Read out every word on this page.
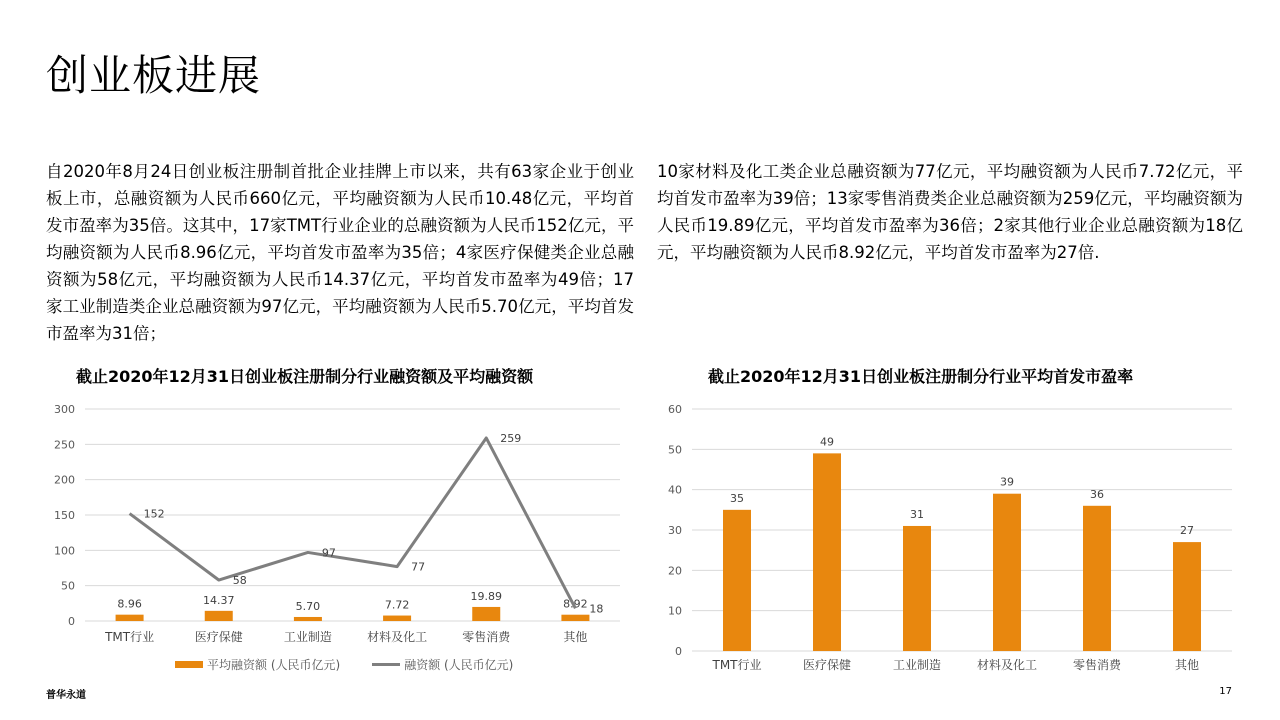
创业板进展
自2020年8月24日创业板注册制首批企业挂牌上市以来，共有63家企业于创业板上市，总融资额为人民币660亿元，平均融资额为人民币10.48亿元，平均首发市盈率为35倍。这其中，17家TMT行业企业的总融资额为人民币152亿元，平均融资额为人民币8.96亿元，平均首发市盈率为35倍；4家医疗保健类企业总融资额为58亿元，平均融资额为人民币14.37亿元，平均首发市盈率为49倍；17家工业制造类企业总融资额为97亿元，平均融资额为人民币5.70亿元，平均首发市盈率为31倍；
10家材料及化工类企业总融资额为77亿元，平均融资额为人民币7.72亿元，平均首发市盈率为39倍；13家零售消费类企业总融资额为259亿元，平均融资额为人民币19.89亿元，平均首发市盈率为36倍；2家其他行业企业总融资额为18亿元，平均融资额为人民币8.92亿元，平均首发市盈率为27倍.
截止2020年12月31日创业板注册制分行业融资额及平均融资额	截止2020年12月31日创业板注册制分行业平均首发市盈率
0
50
100
150
200
250
300
8.96
TMT行业
14.37
医疗保健
5.70
工业制造
7.72
材料及化工
19.89
零售消费
8.92
其他
152
58
97
77
259
18
0
10
20
30
40
50
60
35
TMT行业
49
医疗保健
31
工业制造
39
材料及化工
36
零售消费
27
其他
平均融资额 (人民币亿元)	融资额 (人民币亿元)
普华永道	17
